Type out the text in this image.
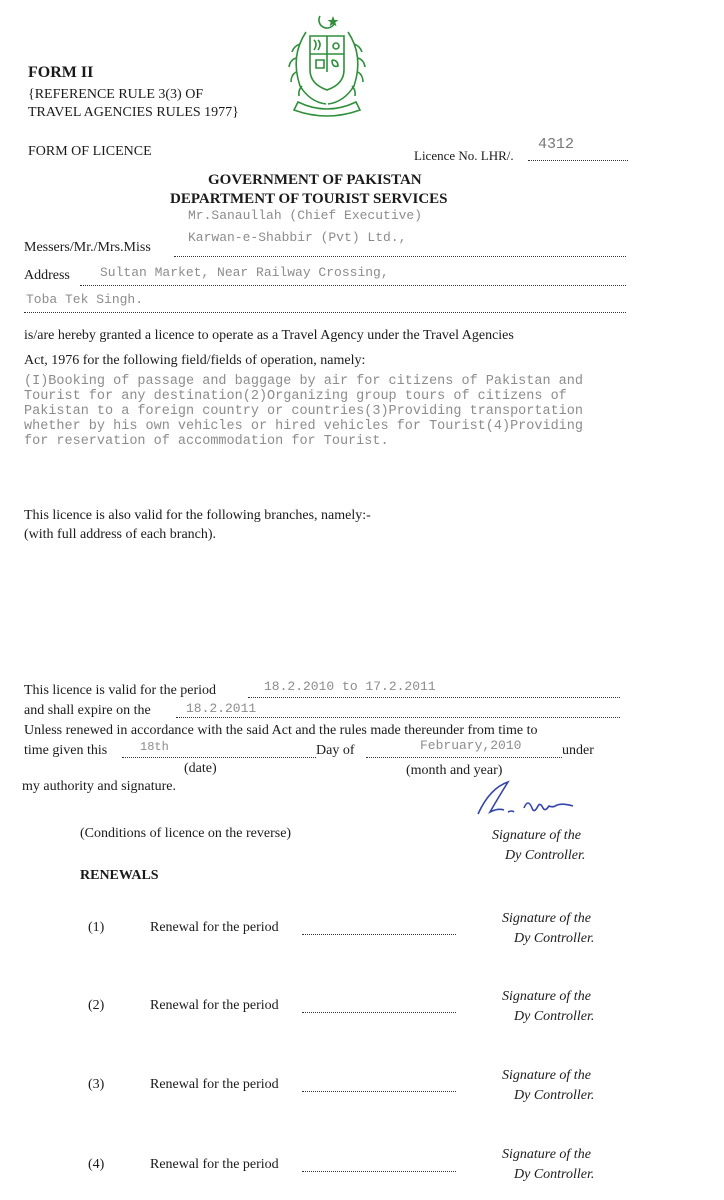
FORM II
{REFERENCE RULE 3(3) OF
TRAVEL AGENCIES RULES 1977}
FORM OF LICENCE	Licence No. LHR/.
4312
GOVERNMENT OF PAKISTAN
DEPARTMENT OF TOURIST SERVICES
Mr.Sanaullah (Chief Executive)
Karwan-e-Shabbir (Pvt) Ltd.,
Messers/Mr./Mrs.Miss
Address Sultan Market, Near Railway Crossing,
Toba Tek Singh.
is/are hereby granted a licence to operate as a Travel Agency under the Travel Agencies
Act, 1976 for the following field/fields of operation, namely:
(I)Booking of passage and baggage by air for citizens of Pakistan and
Tourist for any destination(2)Organizing group tours of citizens of
Pakistan to a foreign country or countries(3)Providing transportation
whether by his own vehicles or hired vehicles for Tourist(4)Providing
for reservation of accommodation for Tourist.
This licence is also valid for the following branches, namely:-
(with full address of each branch).
This licence is valid for the period	18.2.2010 to 17.2.2011
and shall expire on the	18.2.2011
Unless renewed in accordance with the said Act and the rules made thereunder from time to
time given this	18th	Day of	February,2010	under
(date)	(month and year)
my authority and signature.
(Conditions of licence on the reverse)	Signature of the
Dy Controller.
RENEWALS
(1)	Renewal for the period
Signature of the
Dy Controller.
(2)	Renewal for the period
Signature of the
Dy Controller.
(3)	Renewal for the period
Signature of the
Dy Controller.
(4)	Renewal for the period
Signature of the
Dy Controller.
